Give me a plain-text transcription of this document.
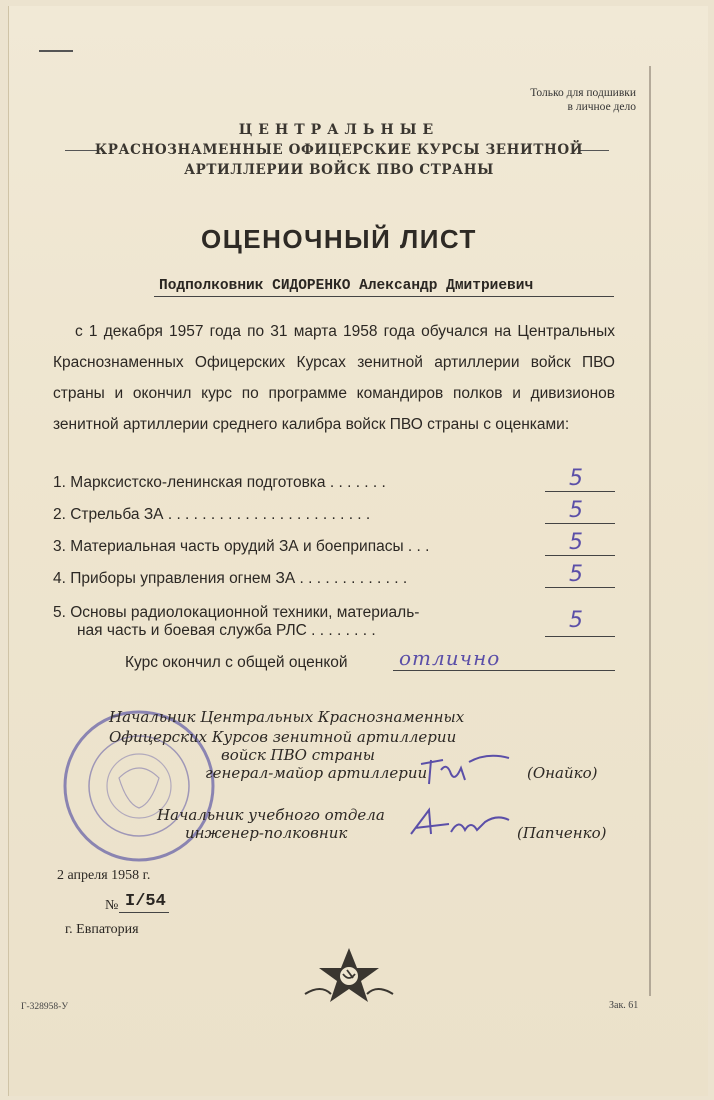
Только для подшивки
в личное дело
ЦЕНТРАЛЬНЫЕ
КРАСНОЗНАМЕННЫЕ ОФИЦЕРСКИЕ КУРСЫ ЗЕНИТНОЙ
АРТИЛЛЕРИИ ВОЙСК ПВО СТРАНЫ
ОЦЕНОЧНЫЙ ЛИСТ
Подполковник СИДОРЕНКО Александр Дмитриевич
с 1 декабря 1957 года по 31 марта 1958 года обучался на Центральных Краснознаменных Офицерских Курсах зенитной артиллерии войск ПВО страны и окончил курс по программе командиров полков и дивизионов зенитной артиллерии среднего калибра войск ПВО страны с оценками:
1. Марксистско-ленинская подготовка . . . . . . .	5
2. Стрельба ЗА . . . . . . . . . . . . . . . . . . . . . . . .	5
3. Материальная часть орудий ЗА и боеприпасы . . .	5
4. Приборы управления огнем ЗА . . . . . . . . . . . . .	5
5. Основы радиолокационной техники, материаль-
ная часть и боевая служба РЛС . . . . . . . .	5
Курс окончил с общей оценкой	отлично
Начальник Центральных Краснознаменных
Офицерских Курсов зенитной артиллерии
войск ПВО страны
генерал-майор артиллерии	(Онайко)
Начальник учебного отдела
инженер-полковник	(Папченко)
2 апреля 1958 г.
№ I/54
г. Евпатория
Г-328958-У	Зак. 61
